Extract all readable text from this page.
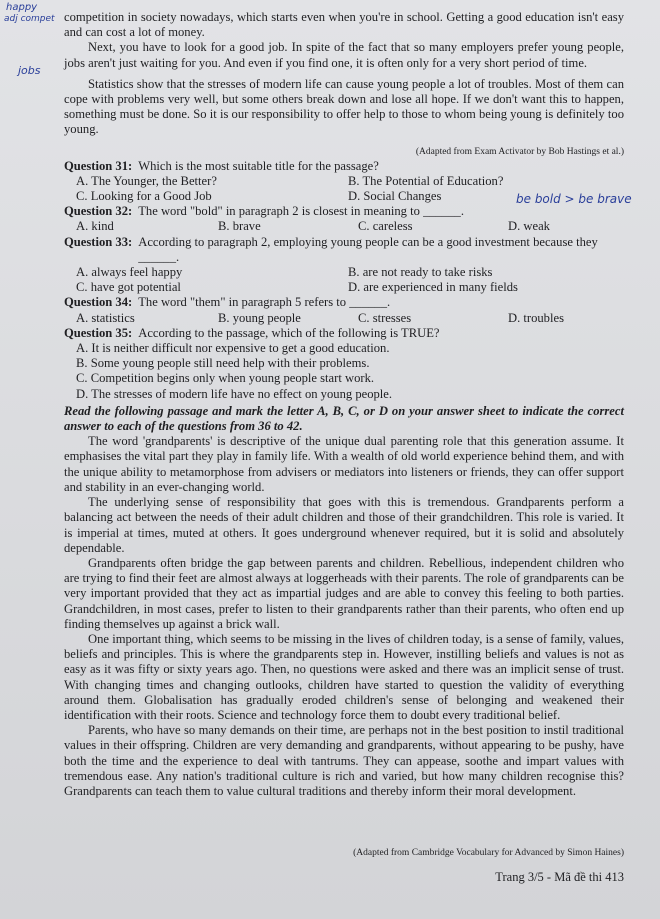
happy
adj compet
jobs
be bold > be brave

competition in society nowadays, which starts even when you're in school. Getting a good education isn't easy and can cost a lot of money.

Next, you have to look for a good job. In spite of the fact that so many employers prefer young people, jobs aren't just waiting for you. And even if you find one, it is often only for a very short period of time.

Statistics show that the stresses of modern life can cause young people a lot of troubles. Most of them can cope with problems very well, but some others break down and lose all hope. If we don't want this to happen, something must be done. So it is our responsibility to offer help to those to whom being young is definitely too young.

(Adapted from Exam Activator by Bob Hastings et al.)

Question 31: Which is the most suitable title for the passage?
A. The Younger, the Better?	B. The Potential of Education?
C. Looking for a Good Job	D. Social Changes
Question 32: The word "bold" in paragraph 2 is closest in meaning to ______.
A. kind	B. brave	C. careless	D. weak
Question 33: According to paragraph 2, employing young people can be a good investment because they ______.
A. always feel happy	B. are not ready to take risks
C. have got potential	D. are experienced in many fields
Question 34: The word "them" in paragraph 5 refers to ______.
A. statistics	B. young people	C. stresses	D. troubles
Question 35: According to the passage, which of the following is TRUE?
A. It is neither difficult nor expensive to get a good education.
B. Some young people still need help with their problems.
C. Competition begins only when young people start work.
D. The stresses of modern life have no effect on young people.

Read the following passage and mark the letter A, B, C, or D on your answer sheet to indicate the correct answer to each of the questions from 36 to 42.

The word 'grandparents' is descriptive of the unique dual parenting role that this generation assume. It emphasises the vital part they play in family life. With a wealth of old world experience behind them, and with the unique ability to metamorphose from advisers or mediators into listeners or friends, they can offer support and stability in an ever-changing world.

The underlying sense of responsibility that goes with this is tremendous. Grandparents perform a balancing act between the needs of their adult children and those of their grandchildren. This role is varied. It is imperial at times, muted at others. It goes underground whenever required, but it is solid and absolutely dependable.

Grandparents often bridge the gap between parents and children. Rebellious, independent children who are trying to find their feet are almost always at loggerheads with their parents. The role of grandparents can be very important provided that they act as impartial judges and are able to convey this feeling to both parties. Grandchildren, in most cases, prefer to listen to their grandparents rather than their parents, who often end up finding themselves up against a brick wall.

One important thing, which seems to be missing in the lives of children today, is a sense of family, values, beliefs and principles. This is where the grandparents step in. However, instilling beliefs and values is not as easy as it was fifty or sixty years ago. Then, no questions were asked and there was an implicit sense of trust. With changing times and changing outlooks, children have started to question the validity of everything around them. Globalisation has gradually eroded children's sense of belonging and weakened their identification with their roots. Science and technology force them to doubt every traditional belief.

Parents, who have so many demands on their time, are perhaps not in the best position to instil traditional values in their offspring. Children are very demanding and grandparents, without appearing to be pushy, have both the time and the experience to deal with tantrums. They can appease, soothe and impart values with tremendous ease. Any nation's traditional culture is rich and varied, but how many children recognise this? Grandparents can teach them to value cultural traditions and thereby inform their moral development.

(Adapted from Cambridge Vocabulary for Advanced by Simon Haines)
Trang 3/5 - Mã đề thi 413
